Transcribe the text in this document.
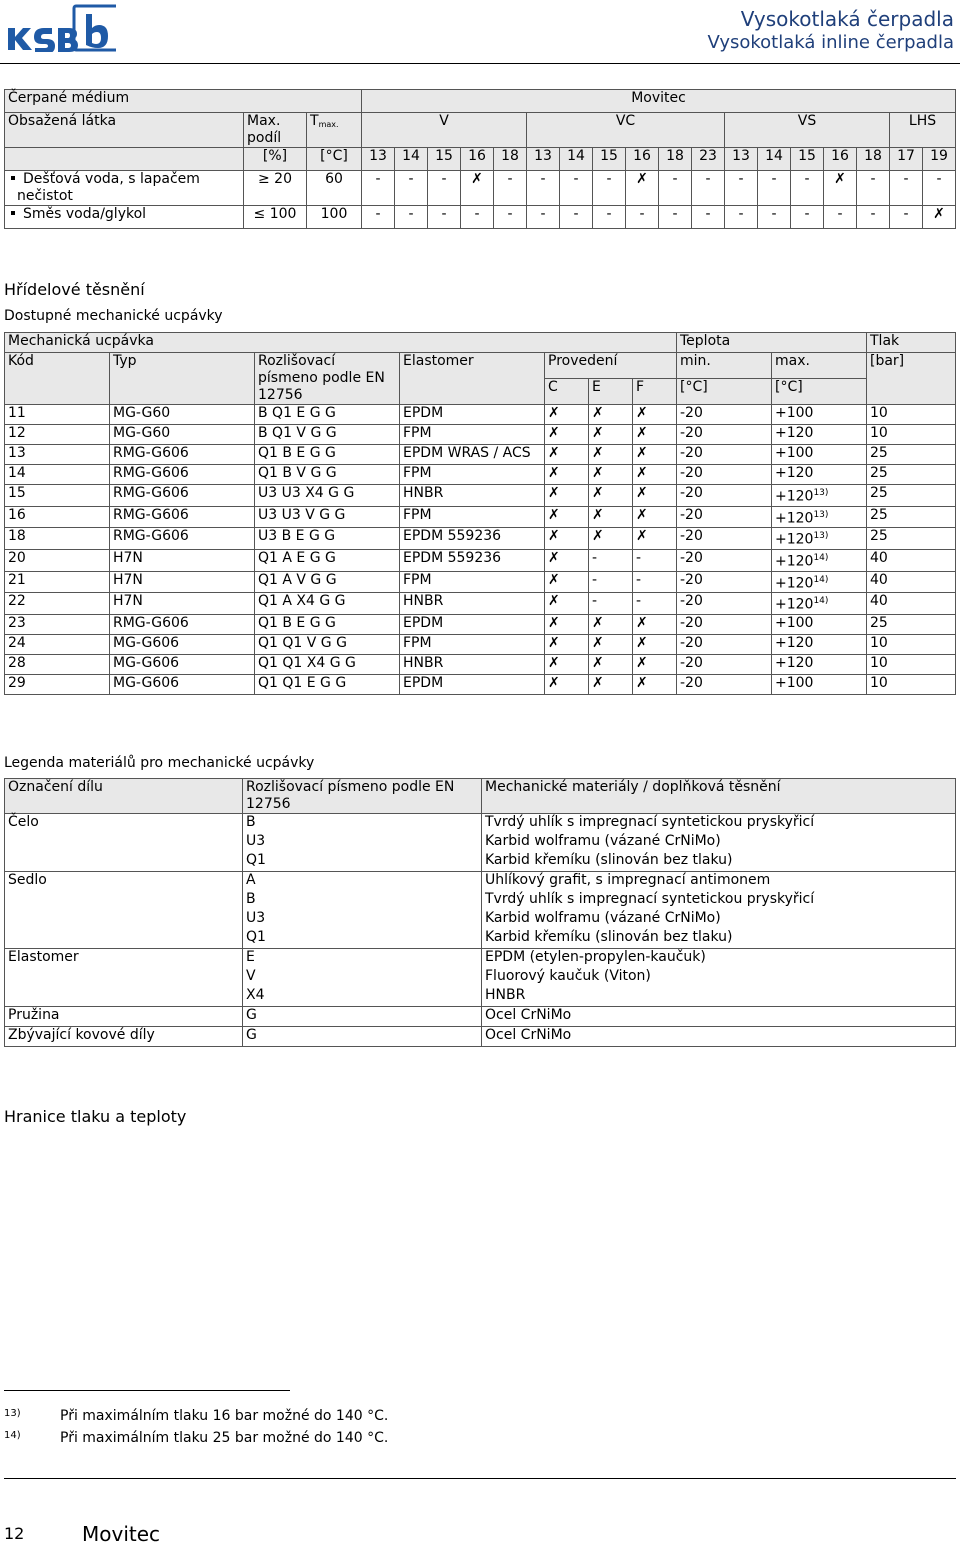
Vysokotlaká čerpadla
Vysokotlaká inline čerpadla
Čerpané médium			Movitec																	
Obsažená látka	Max. podíl	$T_{max.}$	V					VC						VS					LHS	
	[%]	[°C]	13	14	15	16	18	13	14	15	16	18	23	13	14	15	16	18	17	19
Dešťová voda, s lapačem nečistot	≥ 20	60	-	-	-	✗	-	-	-	-	✗	-	-	-	-	-	✗	-	-	-
Směs voda/glykol	≤ 100	100	-	-	-	-	-	-	-	-	-	-	-	-	-	-	-	-	-	✗
Hřídelové těsnění
Dostupné mechanické ucpávky
Mechanická ucpávka							Teplota		Tlak
Kód	Typ	Rozlišovací písmeno podle EN 12756	Elastomer	Provedení			min.	max.	[bar]
				C	E	F	[°C]	[°C]	
11	MG-G60	B Q1 E G G	EPDM	✗	✗	✗	-20	+100	10
12	MG-G60	B Q1 V G G	FPM	✗	✗	✗	-20	+120	10
13	RMG-G606	Q1 B E G G	EPDM WRAS / ACS	✗	✗	✗	-20	+100	25
14	RMG-G606	Q1 B V G G	FPM	✗	✗	✗	-20	+120	25
15	RMG-G606	U3 U3 X4 G G	HNBR	✗	✗	✗	-20	$+120^{13)}$	25
16	RMG-G606	U3 U3 V G G	FPM	✗	✗	✗	-20	$+120^{13)}$	25
18	RMG-G606	U3 B E G G	EPDM 559236	✗	✗	✗	-20	$+120^{13)}$	25
20	H7N	Q1 A E G G	EPDM 559236	✗	-	-	-20	$+120^{14)}$	40
21	H7N	Q1 A V G G	FPM	✗	-	-	-20	$+120^{14)}$	40
22	H7N	Q1 A X4 G G	HNBR	✗	-	-	-20	$+120^{14)}$	40
23	RMG-G606	Q1 B E G G	EPDM	✗	✗	✗	-20	+100	25
24	MG-G606	Q1 Q1 V G G	FPM	✗	✗	✗	-20	+120	10
28	MG-G606	Q1 Q1 X4 G G	HNBR	✗	✗	✗	-20	+120	10
29	MG-G606	Q1 Q1 E G G	EPDM	✗	✗	✗	-20	+100	10
Legenda materiálů pro mechanické ucpávky
Označení dílu	Rozlišovací písmeno podle EN 12756	Mechanické materiály / doplňková těsnění
Čelo	B	Tvrdý uhlík s impregnací syntetickou pryskyřicí
	U3	Karbid wolframu (vázané CrNiMo)
	Q1	Karbid křemíku (slinován bez tlaku)
Sedlo	A	Uhlíkový grafit, s impregnací antimonem
	B	Tvrdý uhlík s impregnací syntetickou pryskyřicí
	U3	Karbid wolframu (vázané CrNiMo)
	Q1	Karbid křemíku (slinován bez tlaku)
Elastomer	E	EPDM (etylen-propylen-kaučuk)
	V	Fluorový kaučuk (Viton)
	X4	HNBR
Pružina	G	Ocel CrNiMo
Zbývající kovové díly	G	Ocel CrNiMo
Hranice tlaku a teploty
13)	Při maximálním tlaku 16 bar možné do 140 °C.
14)	Při maximálním tlaku 25 bar možné do 140 °C.
12	Movitec
